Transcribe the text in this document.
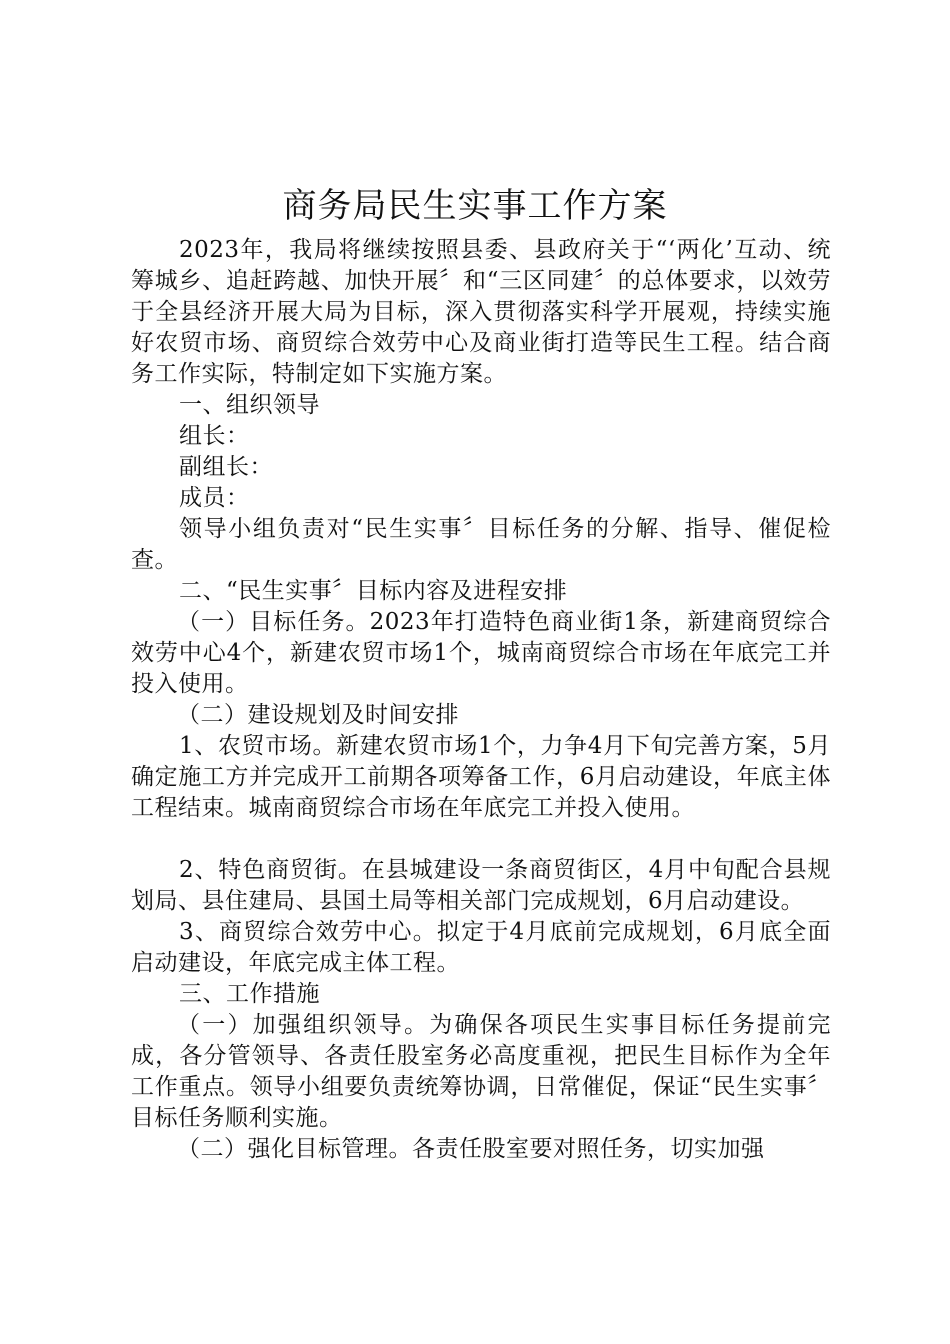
商务局民生实事工作方案

2023年，我局将继续按照县委、县政府关于“‘两化’互动、统筹城乡、追赶跨越、加快开展〞和“三区同建〞的总体要求，以效劳于全县经济开展大局为目标，深入贯彻落实科学开展观，持续实施好农贸市场、商贸综合效劳中心及商业街打造等民生工程。结合商务工作实际，特制定如下实施方案。

一、组织领导

组长：

副组长：

成员：

领导小组负责对“民生实事〞目标任务的分解、指导、催促检查。

二、“民生实事〞目标内容及进程安排

（一）目标任务。2023年打造特色商业街1条，新建商贸综合效劳中心4个，新建农贸市场1个，城南商贸综合市场在年底完工并投入使用。

（二）建设规划及时间安排

1、农贸市场。新建农贸市场1个，力争4月下旬完善方案，5月确定施工方并完成开工前期各项筹备工作，6月启动建设，年底主体工程结束。城南商贸综合市场在年底完工并投入使用。

2、特色商贸街。在县城建设一条商贸街区，4月中旬配合县规划局、县住建局、县国土局等相关部门完成规划，6月启动建设。

3、商贸综合效劳中心。拟定于4月底前完成规划，6月底全面启动建设，年底完成主体工程。

三、工作措施

（一）加强组织领导。为确保各项民生实事目标任务提前完成，各分管领导、各责任股室务必高度重视，把民生目标作为全年工作重点。领导小组要负责统筹协调，日常催促，保证“民生实事〞目标任务顺利实施。

（二）强化目标管理。各责任股室要对照任务，切实加强
